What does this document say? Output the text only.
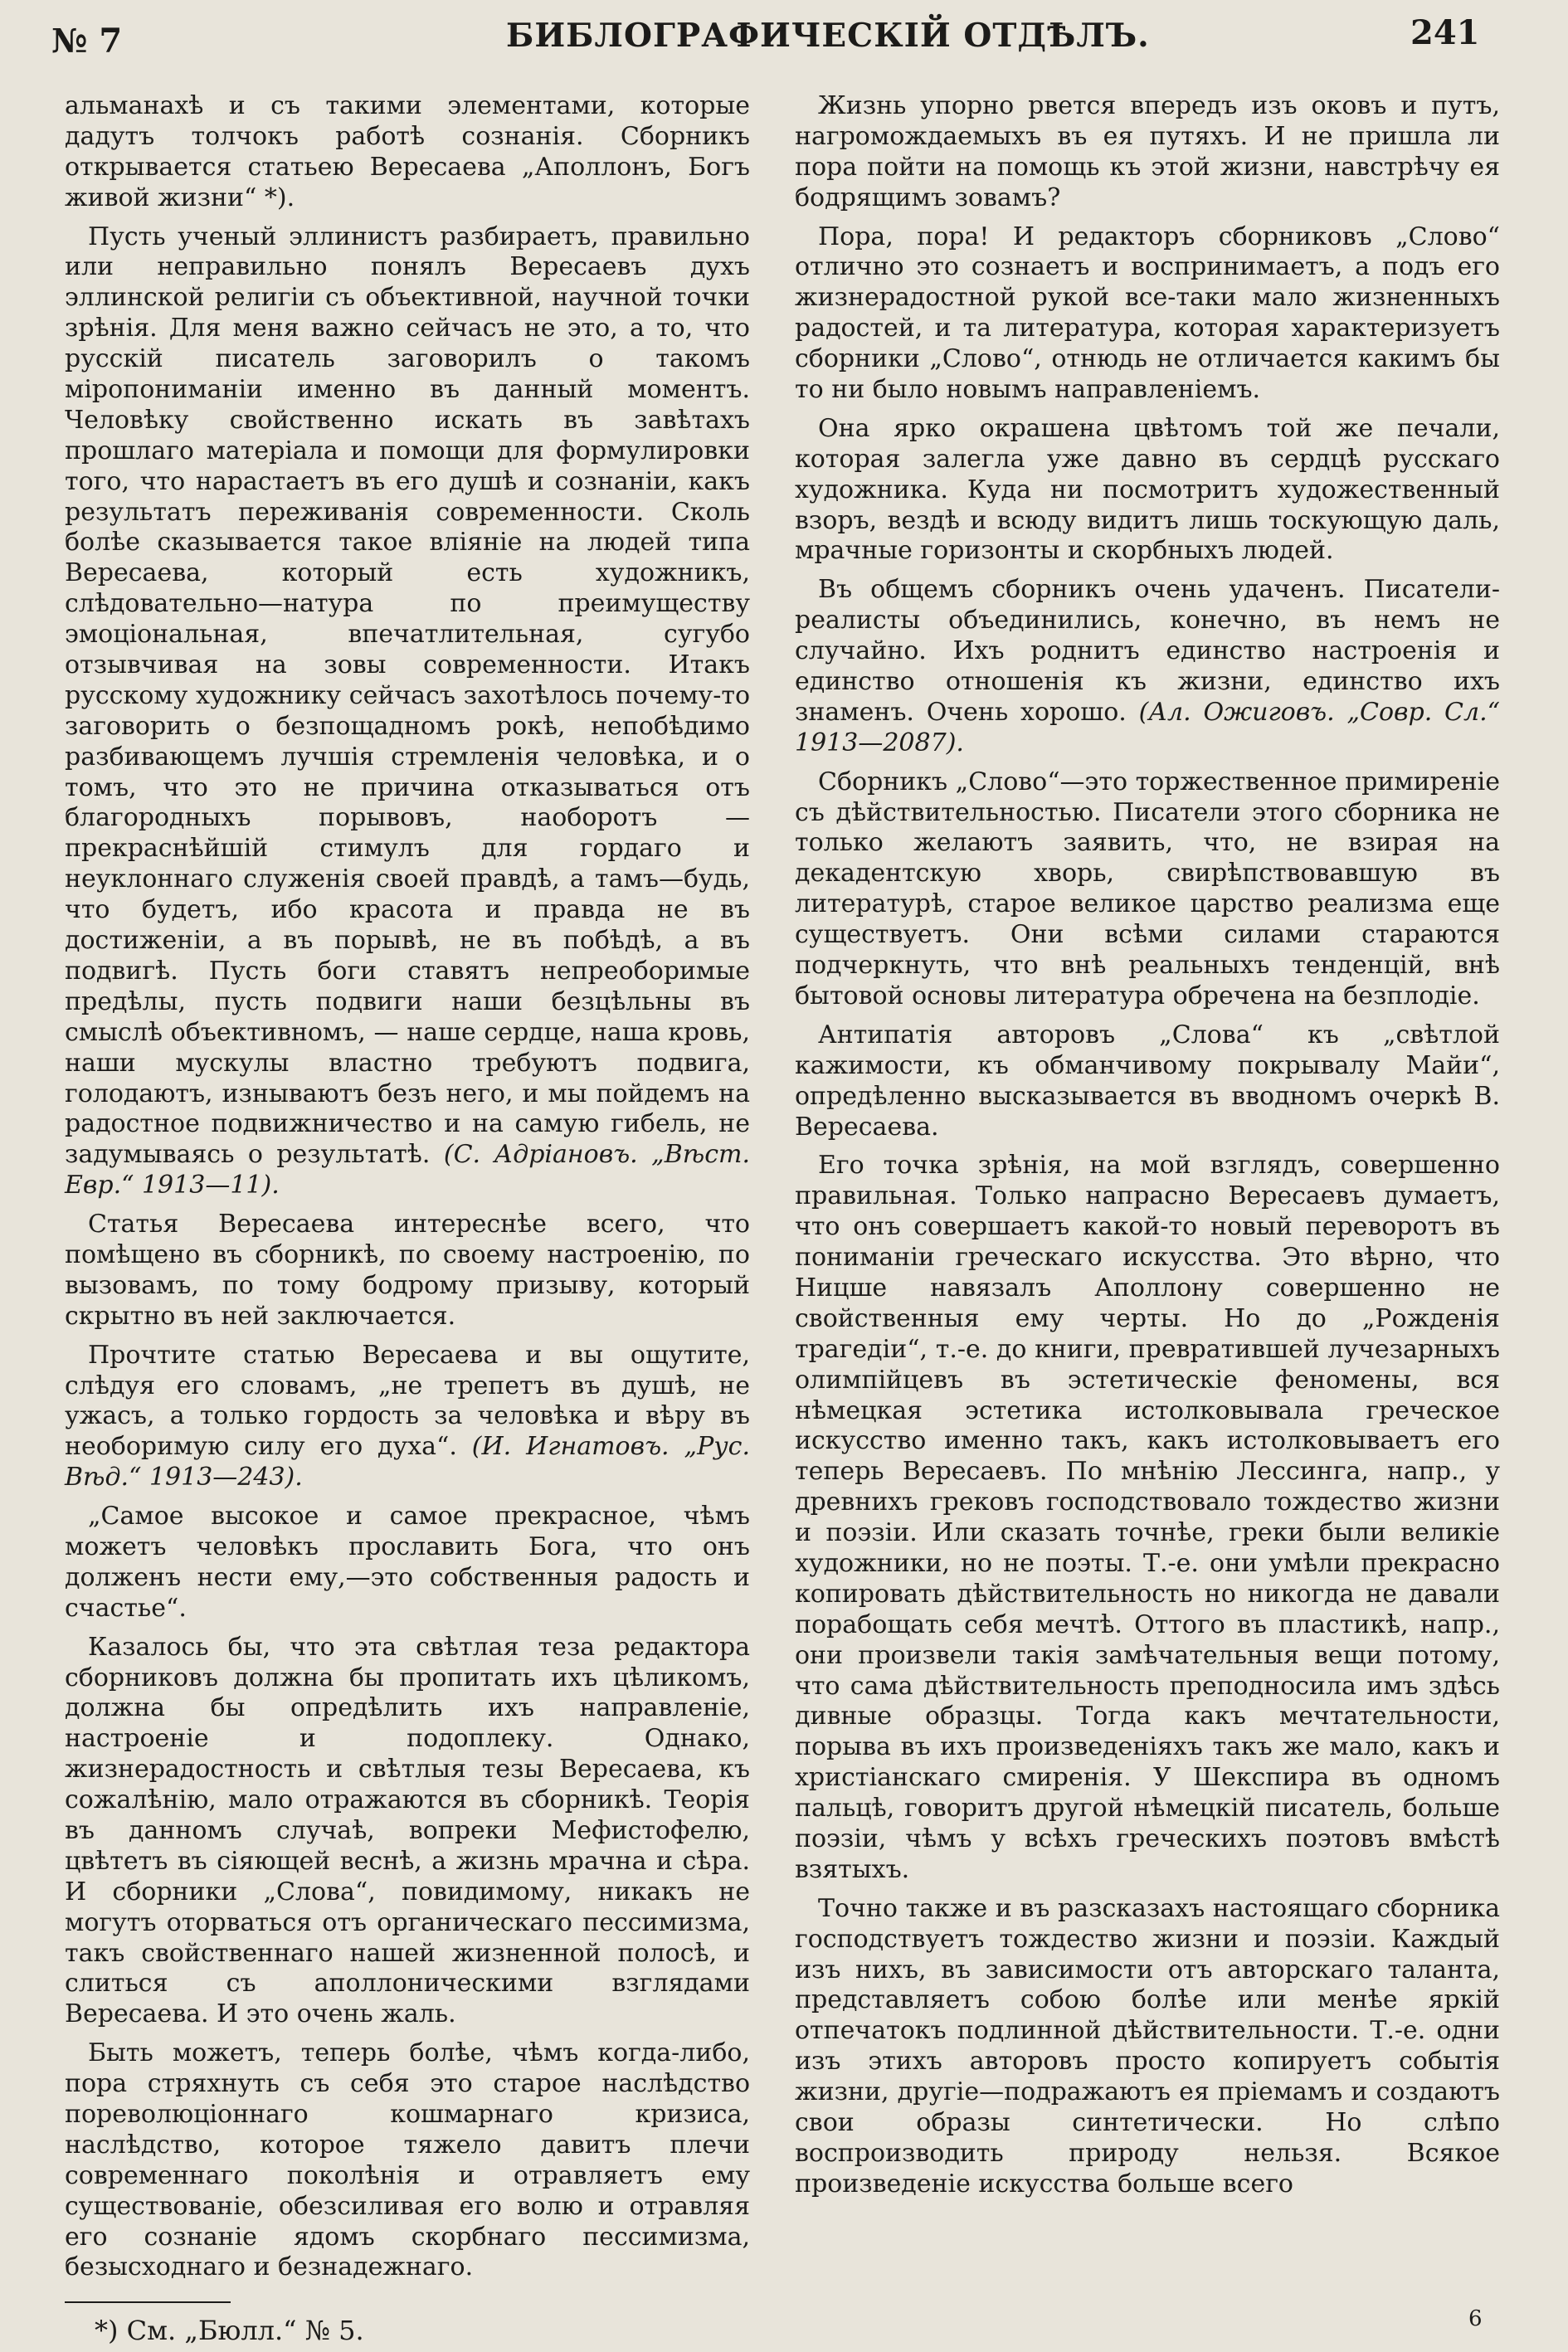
№ 7	БИБЛОГРАФИЧЕСКІЙ ОТДѢЛЪ.	241

альманахѣ и съ такими элементами, которые дадутъ толчокъ работѣ сознанія. Сборникъ открывается статьею Вересаева „Аполлонъ, Богъ живой жизни“ *).

Пусть ученый эллинистъ разбираетъ, правильно или неправильно понялъ Вересаевъ духъ эллинской религіи съ объективной, научной точки зрѣнія. Для меня важно сейчасъ не это, а то, что русскій писатель заговорилъ о такомъ міропониманіи именно въ данный моментъ. Человѣку свойственно искать въ завѣтахъ прошлаго матеріала и помощи для формулировки того, что нарастаетъ въ его душѣ и сознаніи, какъ результатъ переживанія современности. Сколь болѣе сказывается такое вліяніе на людей типа Вересаева, который есть художникъ, слѣдовательно—натура по преимуществу эмоціональная, впечатлительная, сугубо отзывчивая на зовы современности. Итакъ русскому художнику сейчасъ захотѣлось почему-то заговорить о безпощадномъ рокѣ, непобѣдимо разбивающемъ лучшія стремленія человѣка, и о томъ, что это не причина отказываться отъ благородныхъ порывовъ, наоборотъ — прекраснѣйшій стимулъ для гордаго и неуклоннаго служенія своей правдѣ, а тамъ—будь, что будетъ, ибо красота и правда не въ достиженіи, а въ порывѣ, не въ побѣдѣ, а въ подвигѣ. Пусть боги ставятъ непреоборимые предѣлы, пусть подвиги наши безцѣльны въ смыслѣ объективномъ, — наше сердце, наша кровь, наши мускулы властно требуютъ подвига, голодаютъ, изнываютъ безъ него, и мы пойдемъ на радостное подвижничество и на самую гибель, не задумываясь о результатѣ. (С. Адріановъ. „Вѣст. Евр.“ 1913—11).

Статья Вересаева интереснѣе всего, что помѣщено въ сборникѣ, по своему настроенію, по вызовамъ, по тому бодрому призыву, который скрытно въ ней заключается.

Прочтите статью Вересаева и вы ощутите, слѣдуя его словамъ, „не трепетъ въ душѣ, не ужасъ, а только гордость за человѣка и вѣру въ необоримую силу его духа“. (И. Игнатовъ. „Рус. Вѣд.“ 1913—243).

„Самое высокое и самое прекрасное, чѣмъ можетъ человѣкъ прославить Бога, что онъ долженъ нести ему,—это собственныя радость и счастье“.

Казалось бы, что эта свѣтлая теза редактора сборниковъ должна бы пропитать ихъ цѣликомъ, должна бы опредѣлить ихъ направленіе, настроеніе и подоплеку. Однако, жизнерадостность и свѣтлыя тезы Вересаева, къ сожалѣнію, мало отражаются въ сборникѣ. Теорія въ данномъ случаѣ, вопреки Мефистофелю, цвѣтетъ въ сіяющей веснѣ, а жизнь мрачна и сѣра. И сборники „Слова“, повидимому, никакъ не могутъ оторваться отъ органическаго пессимизма, такъ свойственнаго нашей жизненной полосѣ, и слиться съ аполлоническими взглядами Вересаева. И это очень жаль.

Быть можетъ, теперь болѣе, чѣмъ когда-либо, пора стряхнуть съ себя это старое наслѣдство пореволюціоннаго кошмарнаго кризиса, наслѣдство, которое тяжело давитъ плечи современнаго поколѣнія и отравляетъ ему существованіе, обезсиливая его волю и отравляя его сознаніе ядомъ скорбнаго пессимизма, безысходнаго и безнадежнаго.

*) См. „Бюлл.“ № 5.

Жизнь упорно рвется впередъ изъ оковъ и путъ, нагромождаемыхъ въ ея путяхъ. И не пришла ли пора пойти на помощь къ этой жизни, навстрѣчу ея бодрящимъ зовамъ?

Пора, пора! И редакторъ сборниковъ „Слово“ отлично это сознаетъ и воспринимаетъ, а подъ его жизнерадостной рукой все-таки мало жизненныхъ радостей, и та литература, которая характеризуетъ сборники „Слово“, отнюдь не отличается какимъ бы то ни было новымъ направленіемъ.

Она ярко окрашена цвѣтомъ той же печали, которая залегла уже давно въ сердцѣ русскаго художника. Куда ни посмотритъ художественный взоръ, вездѣ и всюду видитъ лишь тоскующую даль, мрачные горизонты и скорбныхъ людей.

Въ общемъ сборникъ очень удаченъ. Писатели-реалисты объединились, конечно, въ немъ не случайно. Ихъ роднитъ единство настроенія и единство отношенія къ жизни, единство ихъ знаменъ. Очень хорошо. (Ал. Ожиговъ. „Совр. Сл.“ 1913—2087).

Сборникъ „Слово“—это торжественное примиреніе съ дѣйствительностью. Писатели этого сборника не только желаютъ заявить, что, не взирая на декадентскую хворь, свирѣпствовавшую въ литературѣ, старое великое царство реализма еще существуетъ. Они всѣми силами стараются подчеркнуть, что внѣ реальныхъ тенденцій, внѣ бытовой основы литература обречена на безплодіе.

Антипатія авторовъ „Слова“ къ „свѣтлой кажимости, къ обманчивому покрывалу Майи“, опредѣленно высказывается въ вводномъ очеркѣ В. Вересаева.

Его точка зрѣнія, на мой взглядъ, совершенно правильная. Только напрасно Вересаевъ думаетъ, что онъ совершаетъ какой-то новый переворотъ въ пониманіи греческаго искусства. Это вѣрно, что Ницше навязалъ Аполлону совершенно не свойственныя ему черты. Но до „Рожденія трагедіи“, т.-е. до книги, превратившей лучезарныхъ олимпійцевъ въ эстетическіе феномены, вся нѣмецкая эстетика истолковывала греческое искусство именно такъ, какъ истолковываетъ его теперь Вересаевъ. По мнѣнію Лессинга, напр., у древнихъ грековъ господствовало тождество жизни и поэзіи. Или сказать точнѣе, греки были великіе художники, но не поэты. Т.-е. они умѣли прекрасно копировать дѣйствительность но никогда не давали порабощать себя мечтѣ. Оттого въ пластикѣ, напр., они произвели такія замѣчательныя вещи потому, что сама дѣйствительность преподносила имъ здѣсь дивные образцы. Тогда какъ мечтательности, порыва въ ихъ произведеніяхъ такъ же мало, какъ и христіанскаго смиренія. У Шекспира въ одномъ пальцѣ, говоритъ другой нѣмецкій писатель, больше поэзіи, чѣмъ у всѣхъ греческихъ поэтовъ вмѣстѣ взятыхъ.

Точно также и въ разсказахъ настоящаго сборника господствуетъ тождество жизни и поэзіи. Каждый изъ нихъ, въ зависимости отъ авторскаго таланта, представляетъ собою болѣе или менѣе яркій отпечатокъ подлинной дѣйствительности. Т.-е. одни изъ этихъ авторовъ просто копируетъ событія жизни, другіе—подражаютъ ея пріемамъ и создаютъ свои образы синтетически. Но слѣпо воспроизводить природу нельзя. Всякое произведеніе искусства больше всего

6
